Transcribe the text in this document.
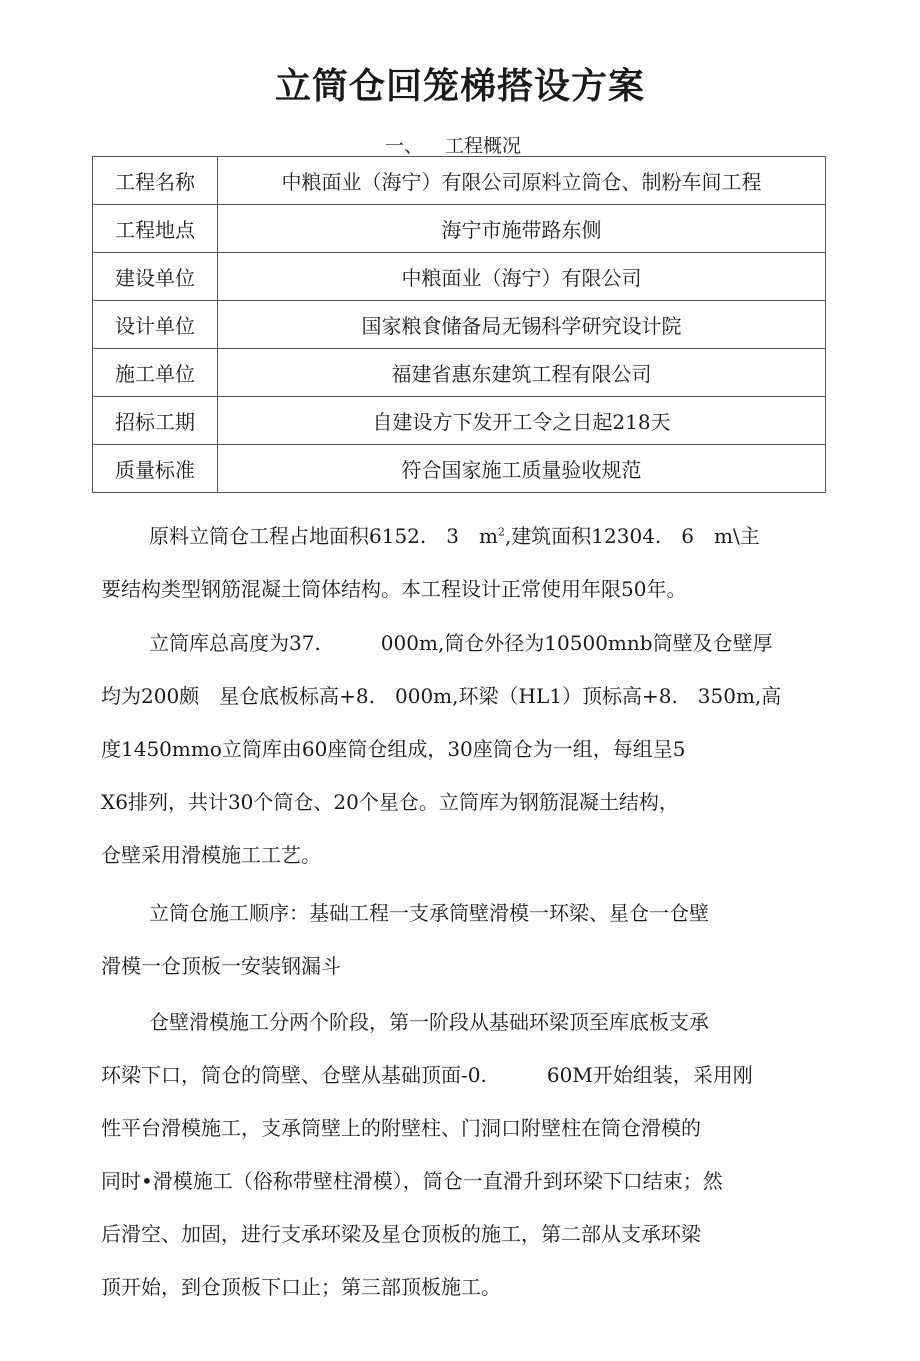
立筒仓回笼梯搭设方案
一、 工程概况
工程名称	中粮面业（海宁）有限公司原料立筒仓、制粉车间工程
工程地点	海宁市施带路东侧
建设单位	中粮面业（海宁）有限公司
设计单位	国家粮食储备局无锡科学研究设计院
施工单位	福建省惠东建筑工程有限公司
招标工期	自建设方下发开工令之日起218天
质量标准	符合国家施工质量验收规范
原料立筒仓工程占地面积6152.　3　$m^2$,建筑面积12304.　6　m\主
要结构类型钢筋混凝土筒体结构。本工程设计正常使用年限50年。
立筒库总高度为37.　　　000m,筒仓外径为10500mnb筒壁及仓壁厚
均为200颇　星仓底板标高+8.　000m,环梁（HL1）顶标高+8.　350m,高
度1450mmo立筒库由60座筒仓组成，30座筒仓为一组，每组呈5
X6排列，共计30个筒仓、20个星仓。立筒库为钢筋混凝土结构，
仓壁采用滑模施工工艺。
立筒仓施工顺序：基础工程一支承筒壁滑模一环梁、星仓一仓壁
滑模一仓顶板一安装钢漏斗
仓壁滑模施工分两个阶段，第一阶段从基础环梁顶至库底板支承
环梁下口，筒仓的筒壁、仓壁从基础顶面-0.　　　60M开始组装，采用刚
性平台滑模施工，支承筒壁上的附壁柱、门洞口附壁柱在筒仓滑模的
同时•滑模施工（俗称带壁柱滑模），筒仓一直滑升到环梁下口结束；然
后滑空、加固，进行支承环梁及星仓顶板的施工，第二部从支承环梁
顶开始，到仓顶板下口止；第三部顶板施工。
